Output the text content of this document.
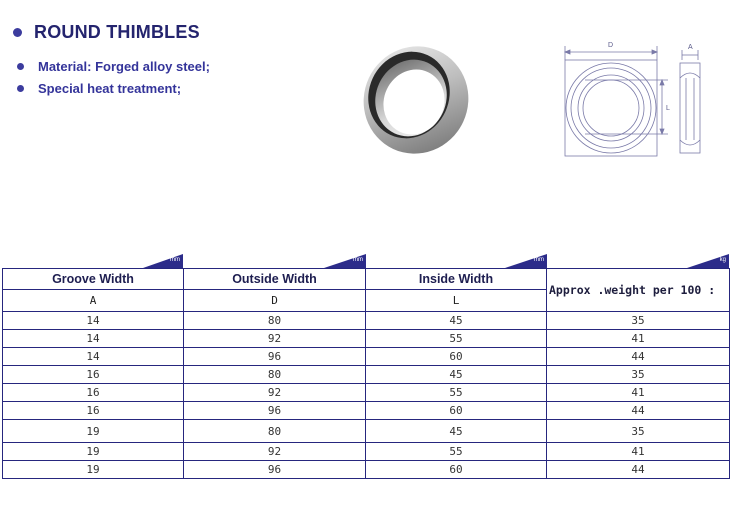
ROUND THIMBLES
Material: Forged alloy steel;
Special heat treatment;
D	A
L
mm	mm	mm	kg
Groove Width	Outside Width	Inside Width	Approx .weight per 100 :
A	D	L	
14	80	45	35
14	92	55	41
14	96	60	44
16	80	45	35
16	92	55	41
16	96	60	44
19	80	45	35
19	92	55	41
19	96	60	44
